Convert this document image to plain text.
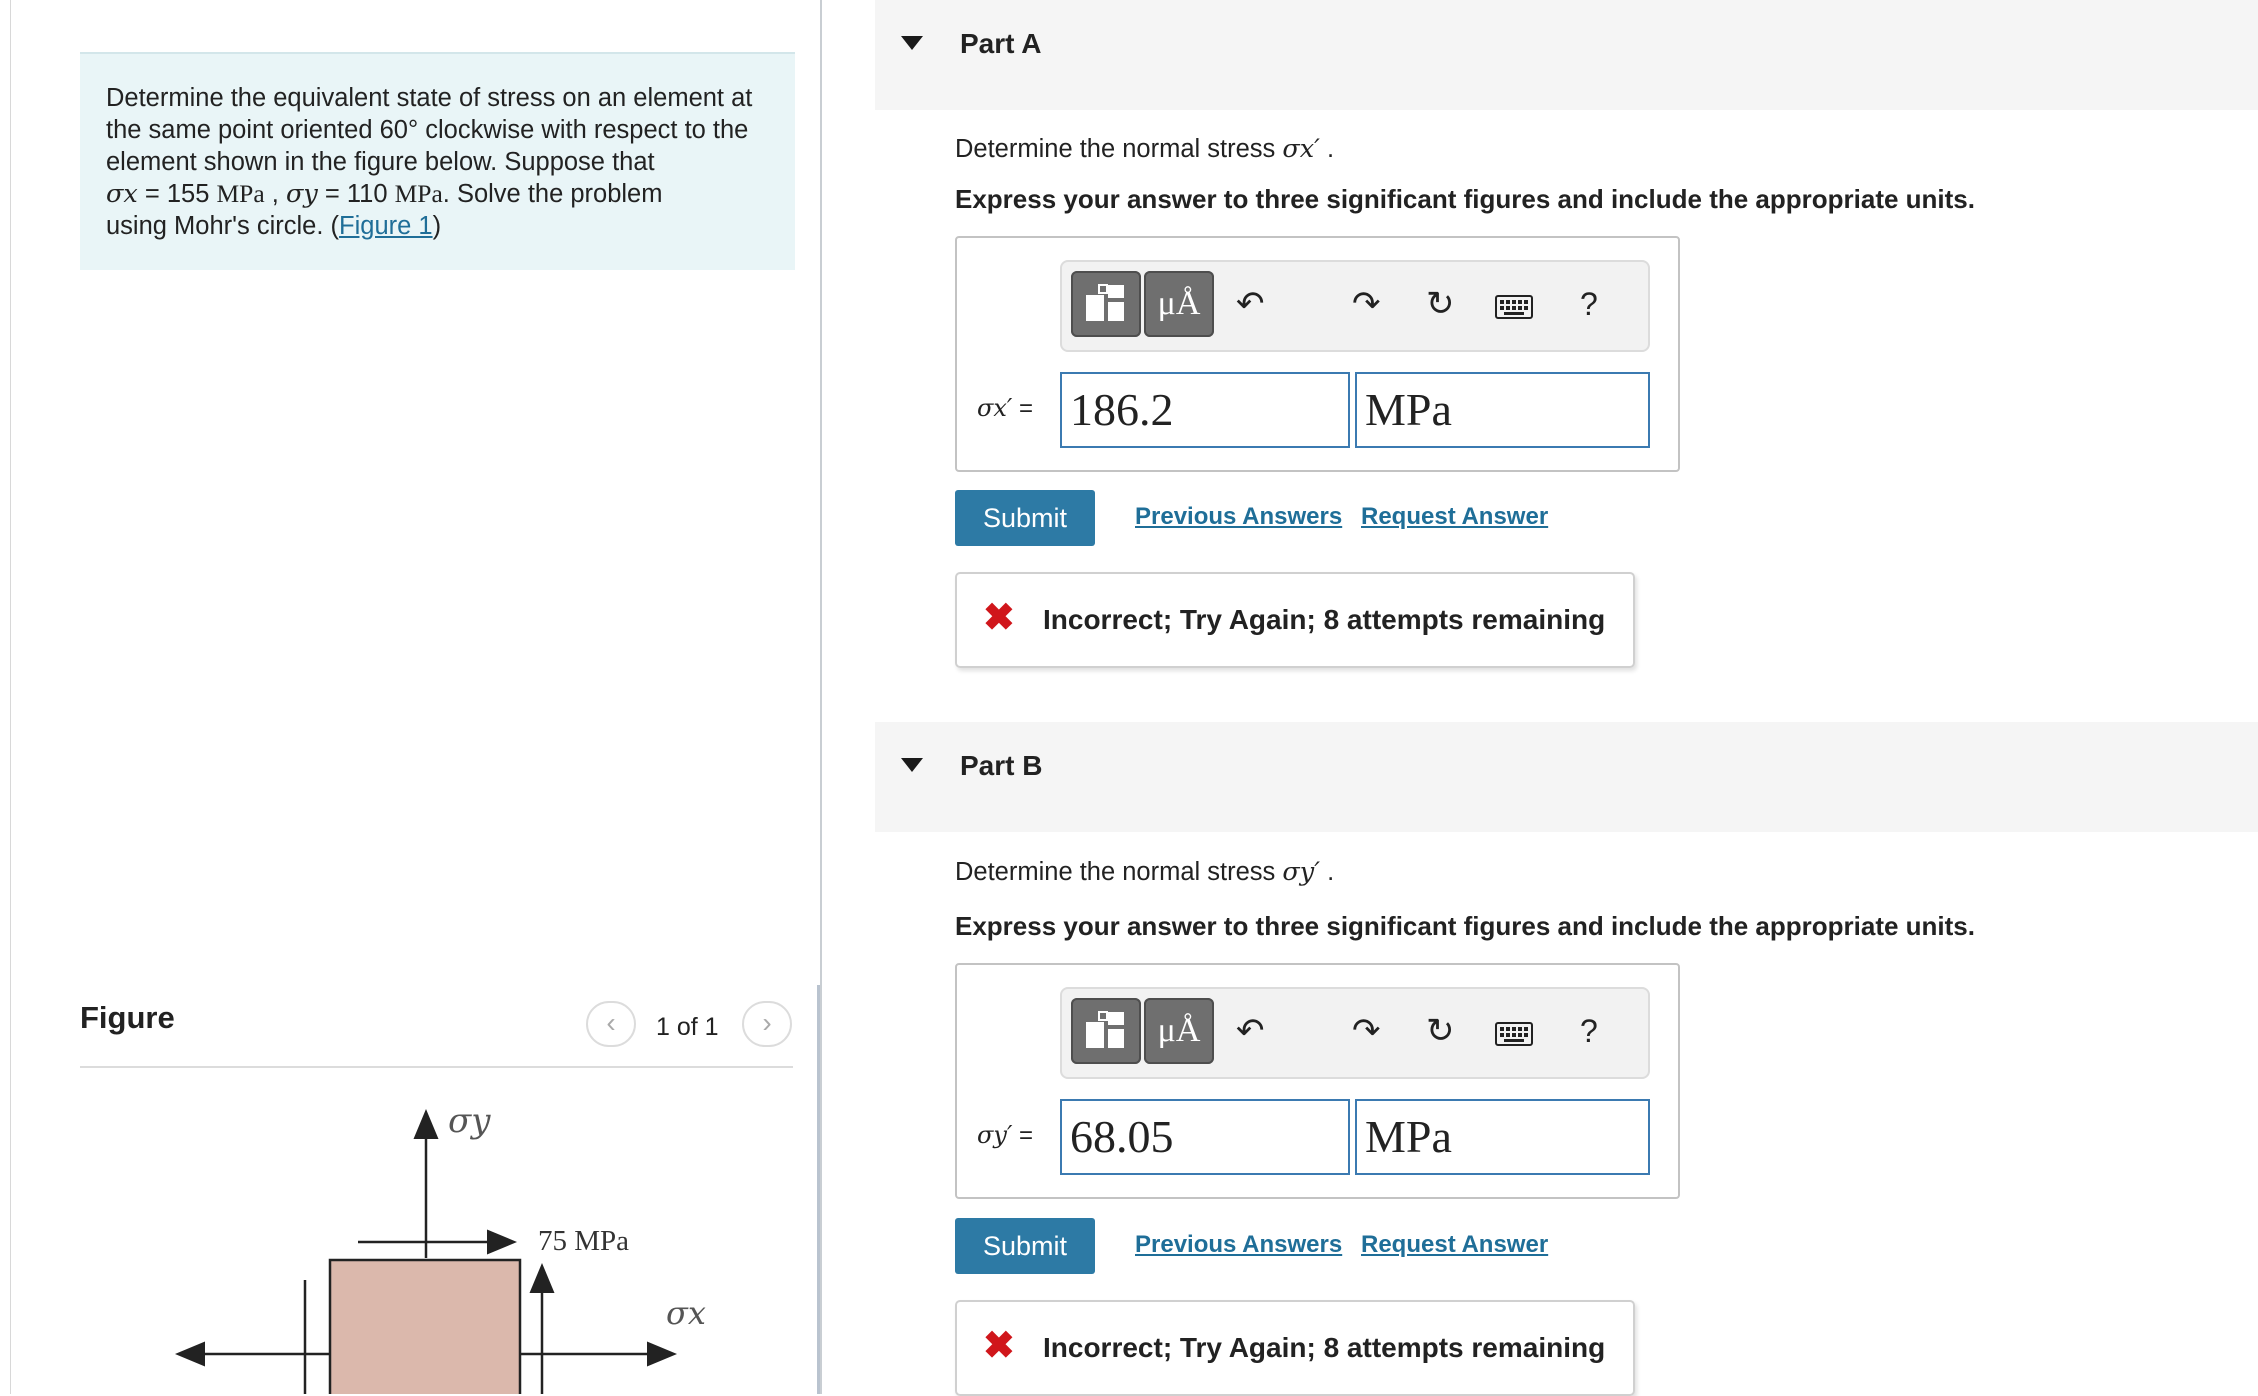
Determine the equivalent state of stress on an element at
the same point oriented 60° clockwise with respect to the
element shown in the figure below. Suppose that
σx = 155 MPa , σy = 110 MPa. Solve the problem
using Mohr's circle. (Figure 1)
Figure	‹	1 of 1	›
σy
75 MPa
σx
Part A
Determine the normal stress σx′ .
Express your answer to three significant figures and include the appropriate units.
μÅ	↶	↷ ↻	?
σx′ = 186.2	MPa
Submit	Previous Answers Request Answer
✖ Incorrect; Try Again; 8 attempts remaining
Part B
Determine the normal stress σy′ .
Express your answer to three significant figures and include the appropriate units.
μÅ	↶	↷ ↻	?
σy′ = 68.05	MPa
Submit	Previous Answers Request Answer
✖ Incorrect; Try Again; 8 attempts remaining
